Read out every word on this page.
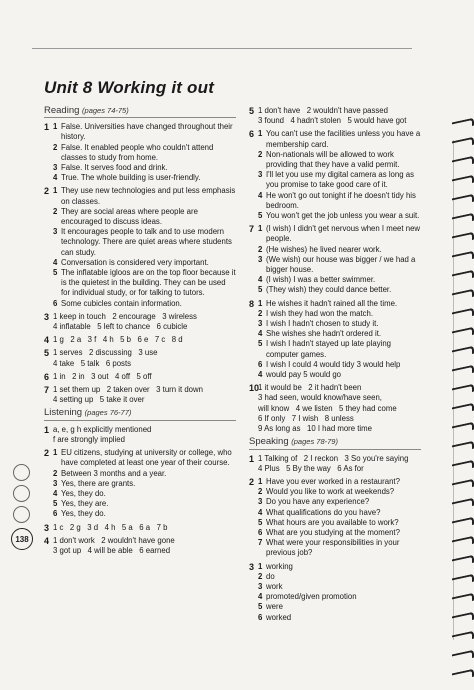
Unit 8 Working it out
Reading (pages 74-75)
1 1 False. Universities have changed throughout their history.
2 False. It enabled people who couldn't attend classes to study from home.
3 False. It serves food and drink.
4 True. The whole building is user-friendly.
2 1 They use new technologies and put less emphasis on classes.
2 They are social areas where people are encouraged to discuss ideas.
3 It encourages people to talk and to use modern technology. There are quiet areas where students can study.
4 Conversation is considered very important.
5 The inflatable igloos are on the top floor because it is the quietest in the building. They can be used for individual study, or for talking to tutors.
6 Some cubicles contain information.
3 1 keep in touch   2 encourage   3 wireless
4 inflatable   5 left to chance   6 cubicle
4 1 g   2 a   3 f   4 h   5 b   6 e   7 c   8 d
5 1 serves   2 discussing   3 use
4 take   5 talk   6 posts
6 1 in   2 in   3 out   4 off   5 off
7 1 set them up   2 taken over   3 turn it down
4 setting up   5 take it over
Listening (pages 76-77)
1 a, e, g h explicitly mentioned
f are strongly implied
2 1 EU citizens, studying at university or college, who have completed at least one year of their course.
2 Between 3 months and a year.
3 Yes, there are grants.
4 Yes, they do.
5 Yes, they are.
6 Yes, they do.
3 1 c   2 g   3 d   4 h   5 a   6 a   7 b
4 1 don't work   2 wouldn't have gone
3 got up   4 will be able   6 earned
5 1 don't have   2 wouldn't have passed
3 found   4 hadn't stolen   5 would have got
6 1 You can't use the facilities unless you have a membership card.
2 Non-nationals will be allowed to work providing that they have a valid permit.
3 I'll let you use my digital camera as long as you promise to take good care of it.
4 He won't go out tonight if he doesn't tidy his bedroom.
5 You won't get the job unless you wear a suit.
7 1 (I wish) I didn't get nervous when I meet new people.
2 (He wishes) he lived nearer work.
3 (We wish) our house was bigger / we had a bigger house.
4 (I wish) I was a better swimmer.
5 (They wish) they could dance better.
8 1 He wishes it hadn't rained all the time.
2 I wish they had won the match.
3 I wish I hadn't chosen to study it.
4 She wishes she hadn't ordered it.
5 I wish I hadn't stayed up late playing computer games.
6 I wish I could 4 would tidy 3 would help
4 would pay 5 would go
10
1 it would be   2 it hadn't been
3 had seen, would know/have seen,
will know   4 we listen   5 they had come
6 If only   7 I wish   8 unless
9 As long as   10 I had more time
Speaking (pages 78-79)
1 1 Talking of   2 I reckon   3 So you're saying
4 Plus   5 By the way   6 As for
2 1 Have you ever worked in a restaurant?
2 Would you like to work at weekends?
3 Do you have any experience?
4 What qualifications do you have?
5 What hours are you available to work?
6 What are you studying at the moment?
7 What were your responsibilities in your previous job?
3 1 working
2 do
3 work
4 promoted/given promotion
5 were
6 worked
138
